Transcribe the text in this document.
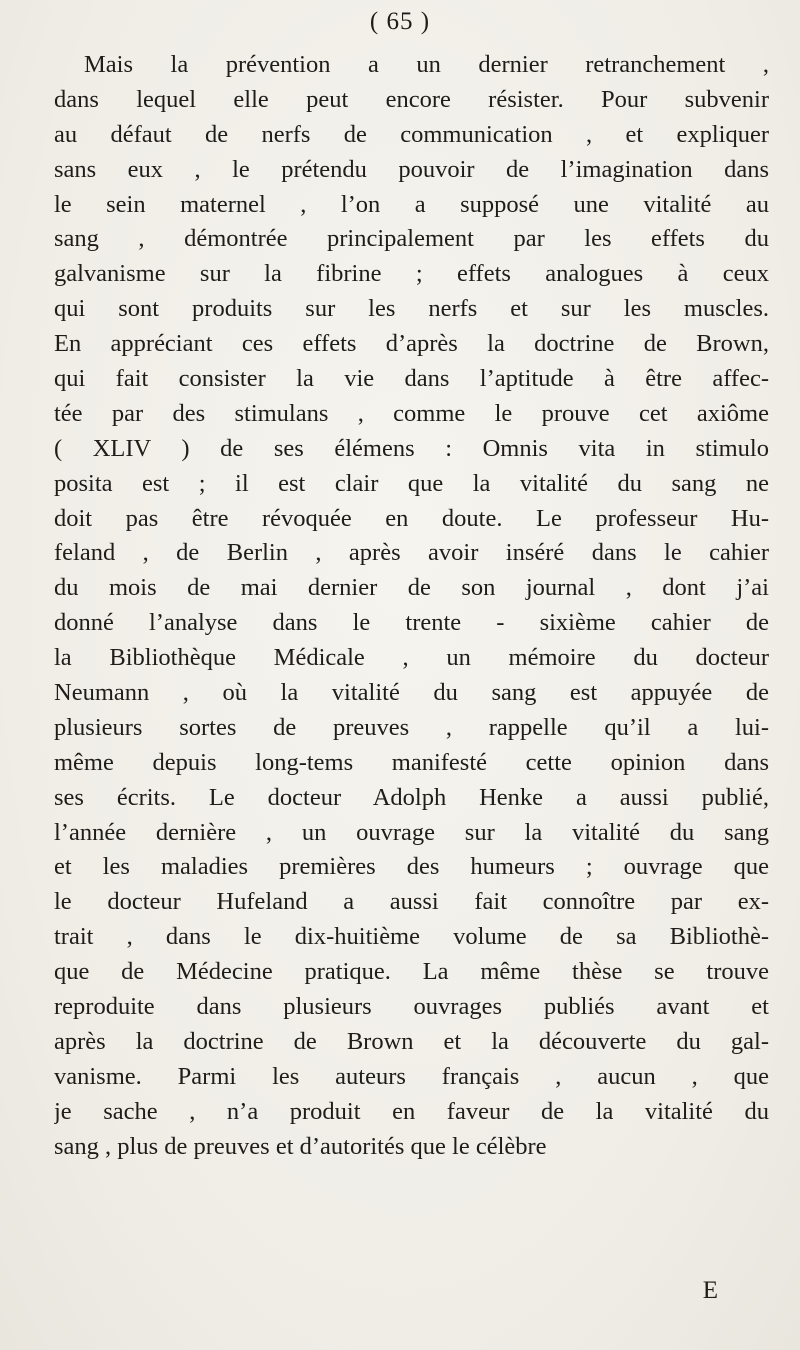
( 65 )
Mais la prévention a un dernier retranchement ,
dans lequel elle peut encore résister. Pour subvenir
au défaut de nerfs de communication , et expliquer
sans eux , le prétendu pouvoir de l’imagination dans
le sein maternel , l’on a supposé une vitalité au
sang , démontrée principalement par les effets du
galvanisme sur la fibrine ; effets analogues à ceux
qui sont produits sur les nerfs et sur les muscles.
En appréciant ces effets d’après la doctrine de Brown,
qui fait consister la vie dans l’aptitude à être affec-
tée par des stimulans , comme le prouve cet axiôme
( XLIV ) de ses élémens : Omnis vita in stimulo
posita est ; il est clair que la vitalité du sang ne
doit pas être révoquée en doute. Le professeur Hu-
feland , de Berlin , après avoir inséré dans le cahier
du mois de mai dernier de son journal , dont j’ai
donné l’analyse dans le trente - sixième cahier de
la Bibliothèque Médicale , un mémoire du docteur
Neumann , où la vitalité du sang est appuyée de
plusieurs sortes de preuves , rappelle qu’il a lui-
même depuis long-tems manifesté cette opinion dans
ses écrits. Le docteur Adolph Henke a aussi publié,
l’année dernière , un ouvrage sur la vitalité du sang
et les maladies premières des humeurs ; ouvrage que
le docteur Hufeland a aussi fait connoître par ex-
trait , dans le dix-huitième volume de sa Bibliothè-
que de Médecine pratique. La même thèse se trouve
reproduite dans plusieurs ouvrages publiés avant et
après la doctrine de Brown et la découverte du gal-
vanisme. Parmi les auteurs français , aucun , que
je sache , n’a produit en faveur de la vitalité du
sang , plus de preuves et d’autorités que le célèbre
E
